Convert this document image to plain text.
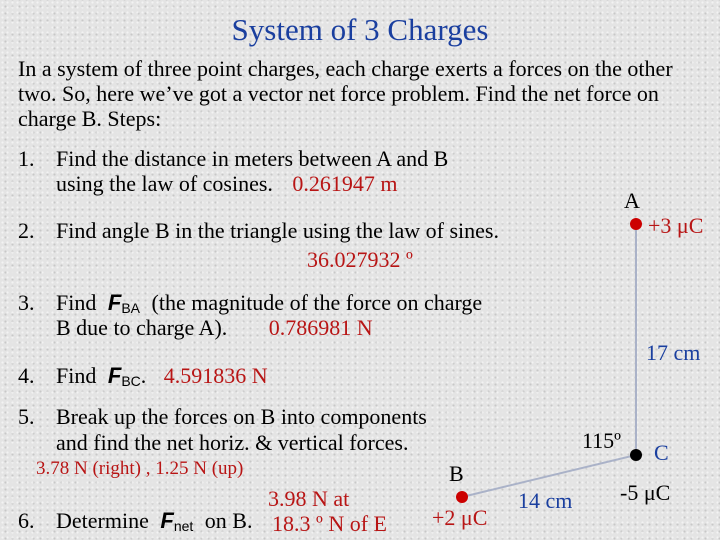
System of 3 Charges
In a system of three point charges, each charge exerts a forces on the other two. So, here we’ve got a vector net force problem. Find the net force on charge B. Steps:
1. Find the distance in meters between A and B
using the law of cosines. 0.261947 m
2. Find angle B in the triangle using the law of sines.
36.027932 º
3. Find $F_{BA}$ (the magnitude of the force on charge
B due to charge A). 0.786981 N
4. Find $F_{BC}$. 4.591836 N
5. Break up the forces on B into components
and find the net horiz. & vertical forces.
3.78 N (right) , 1.25 N (up)
6. Determine $F_{net}$ on B.
3.98 N at
18.3 º N of E
A
+3 μC
17 cm
115º C
-5 μC
B
+2 μC
14 cm
